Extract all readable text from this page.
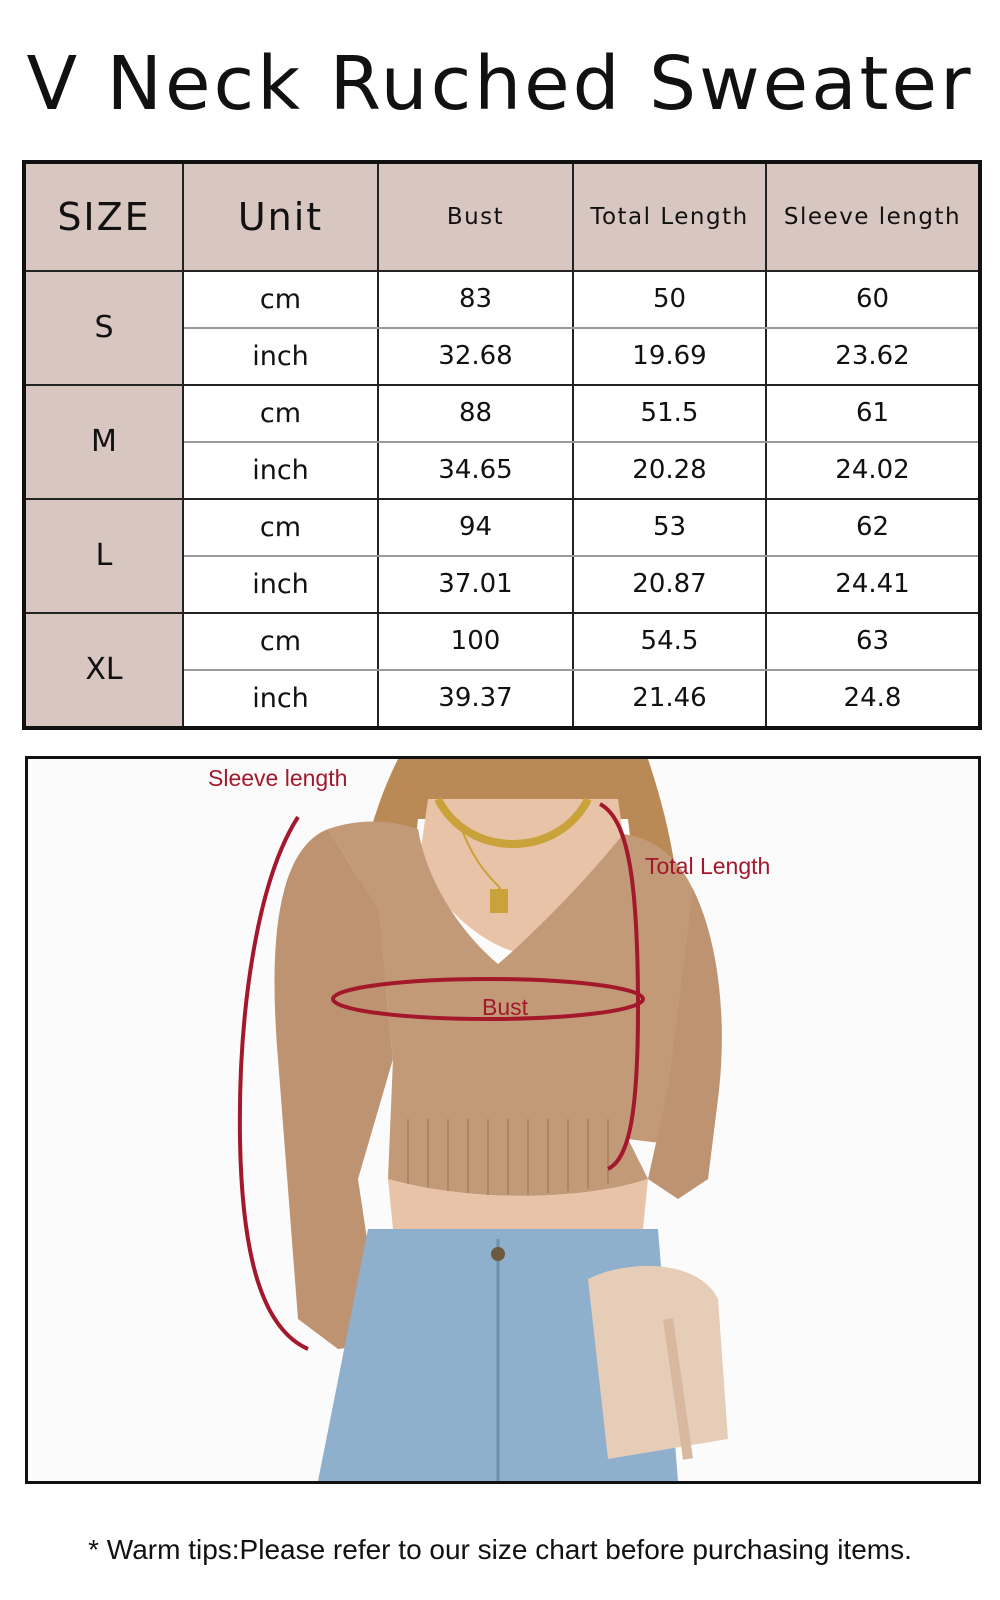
V Neck Ruched Sweater
SIZE	Unit	Bust	Total Length	Sleeve length
S	cm	83	50	60
	inch	32.68	19.69	23.62
M	cm	88	51.5	61
	inch	34.65	20.28	24.02
L	cm	94	53	62
	inch	37.01	20.87	24.41
XL	cm	100	54.5	63
	inch	39.37	21.46	24.8
Sleeve length
Total Length
Bust
* Warm tips:Please refer to our size chart before purchasing items.
